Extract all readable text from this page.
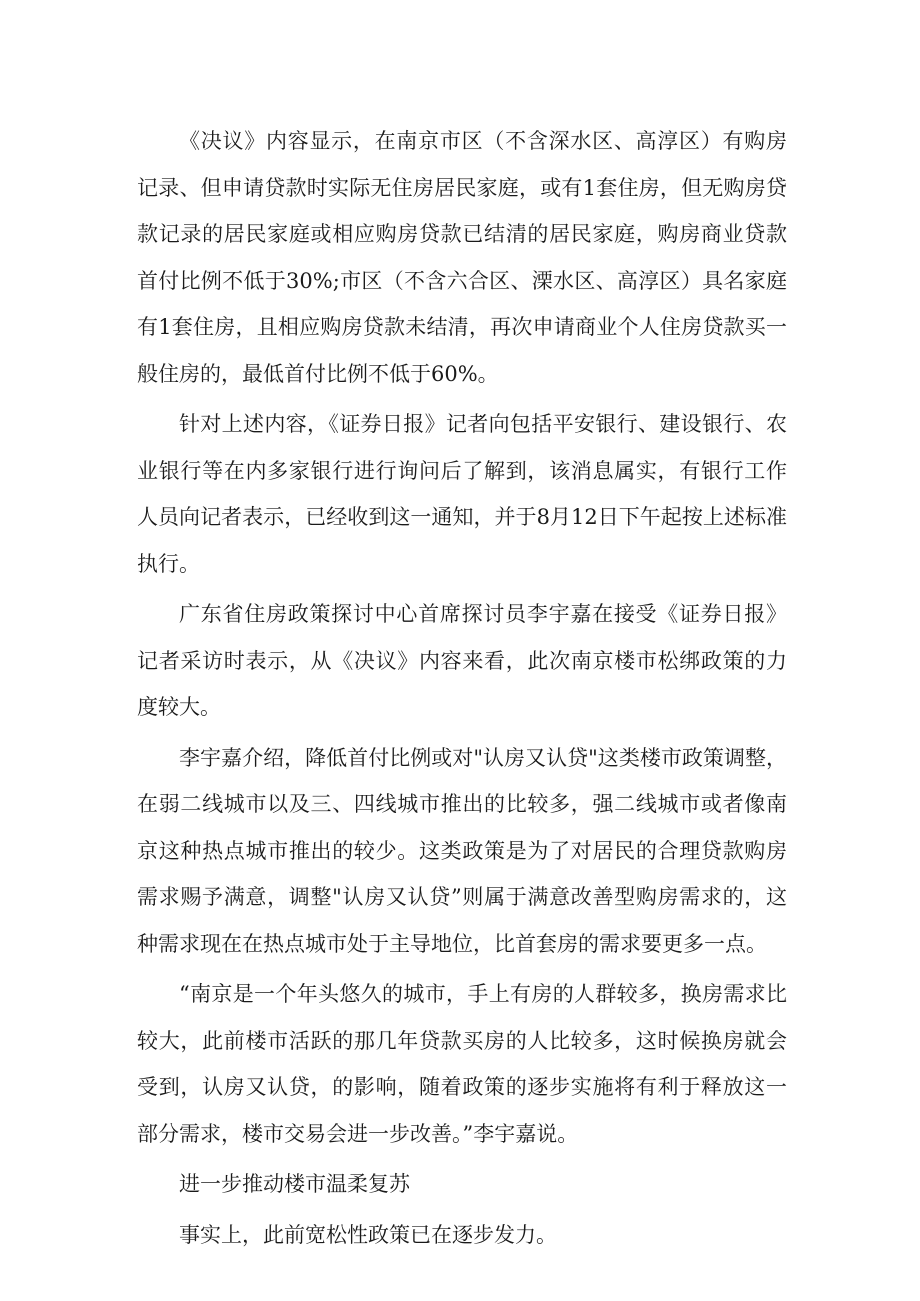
《决议》内容显示，在南京市区（不含深水区、高淳区）有购房记录、但申请贷款时实际无住房居民家庭，或有1套住房，但无购房贷款记录的居民家庭或相应购房贷款已结清的居民家庭，购房商业贷款首付比例不低于30%;市区（不含六合区、溧水区、高淳区）具名家庭有1套住房，且相应购房贷款未结清，再次申请商业个人住房贷款买一般住房的，最低首付比例不低于60%。

针对上述内容，《证券日报》记者向包括平安银行、建设银行、农业银行等在内多家银行进行询问后了解到，该消息属实，有银行工作人员向记者表示，已经收到这一通知，并于8月12日下午起按上述标准执行。

广东省住房政策探讨中心首席探讨员李宇嘉在接受《证券日报》记者采访时表示，从《决议》内容来看，此次南京楼市松绑政策的力度较大。

李宇嘉介绍，降低首付比例或对"认房又认贷"这类楼市政策调整，在弱二线城市以及三、四线城市推出的比较多，强二线城市或者像南京这种热点城市推出的较少。这类政策是为了对居民的合理贷款购房需求赐予满意，调整"认房又认贷”则属于满意改善型购房需求的，这种需求现在在热点城市处于主导地位，比首套房的需求要更多一点。

“南京是一个年头悠久的城市，手上有房的人群较多，换房需求比较大，此前楼市活跃的那几年贷款买房的人比较多，这时候换房就会受到，认房又认贷，的影响，随着政策的逐步实施将有利于释放这一部分需求，楼市交易会进一步改善。”李宇嘉说。

进一步推动楼市温柔复苏

事实上，此前宽松性政策已在逐步发力。
